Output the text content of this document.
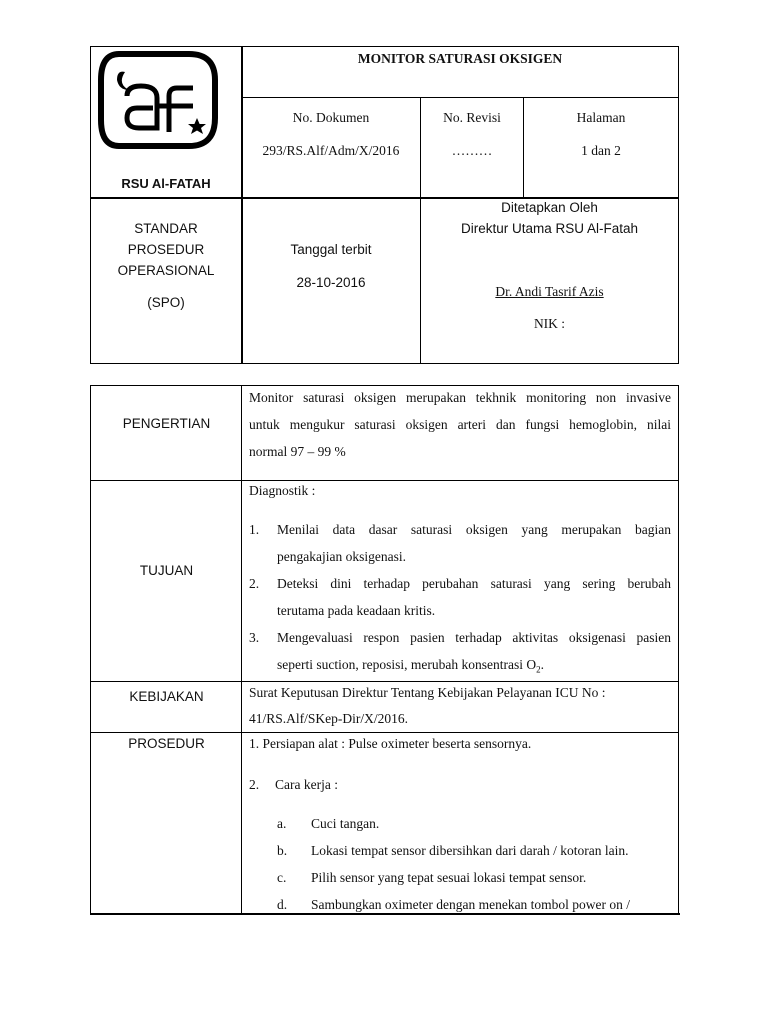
RSU Al-FATAH
MONITOR SATURASI OKSIGEN
No. Dokumen
293/RS.Alf/Adm/X/2016
No. Revisi
………
Halaman
1 dan 2
STANDAR
PROSEDUR
OPERASIONAL
(SPO)
Tanggal terbit
28-10-2016
Ditetapkan Oleh
Direktur Utama RSU Al-Fatah
Dr. Andi Tasrif Azis
NIK :
PENGERTIAN
Monitor saturasi oksigen merupakan tekhnik monitoring non invasive
untuk mengukur saturasi oksigen arteri dan fungsi hemoglobin, nilai
normal 97 – 99 %
TUJUAN
Diagnostik :
1. Menilai data dasar saturasi oksigen yang merupakan bagian
pengakajian oksigenasi.
2. Deteksi dini terhadap perubahan saturasi yang sering berubah
terutama pada keadaan kritis.
3. Mengevaluasi respon pasien terhadap aktivitas oksigenasi pasien
seperti suction, reposisi, merubah konsentrasi $O_2$.
KEBIJAKAN	Surat Keputusan Direktur Tentang Kebijakan Pelayanan ICU No :
41/RS.Alf/SKep-Dir/X/2016.
PROSEDUR	1. Persiapan alat : Pulse oximeter beserta sensornya.
2. Cara kerja :
a. Cuci tangan.
b. Lokasi tempat sensor dibersihkan dari darah / kotoran lain.
c. Pilih sensor yang tepat sesuai lokasi tempat sensor.
d. Sambungkan oximeter dengan menekan tombol power on /
